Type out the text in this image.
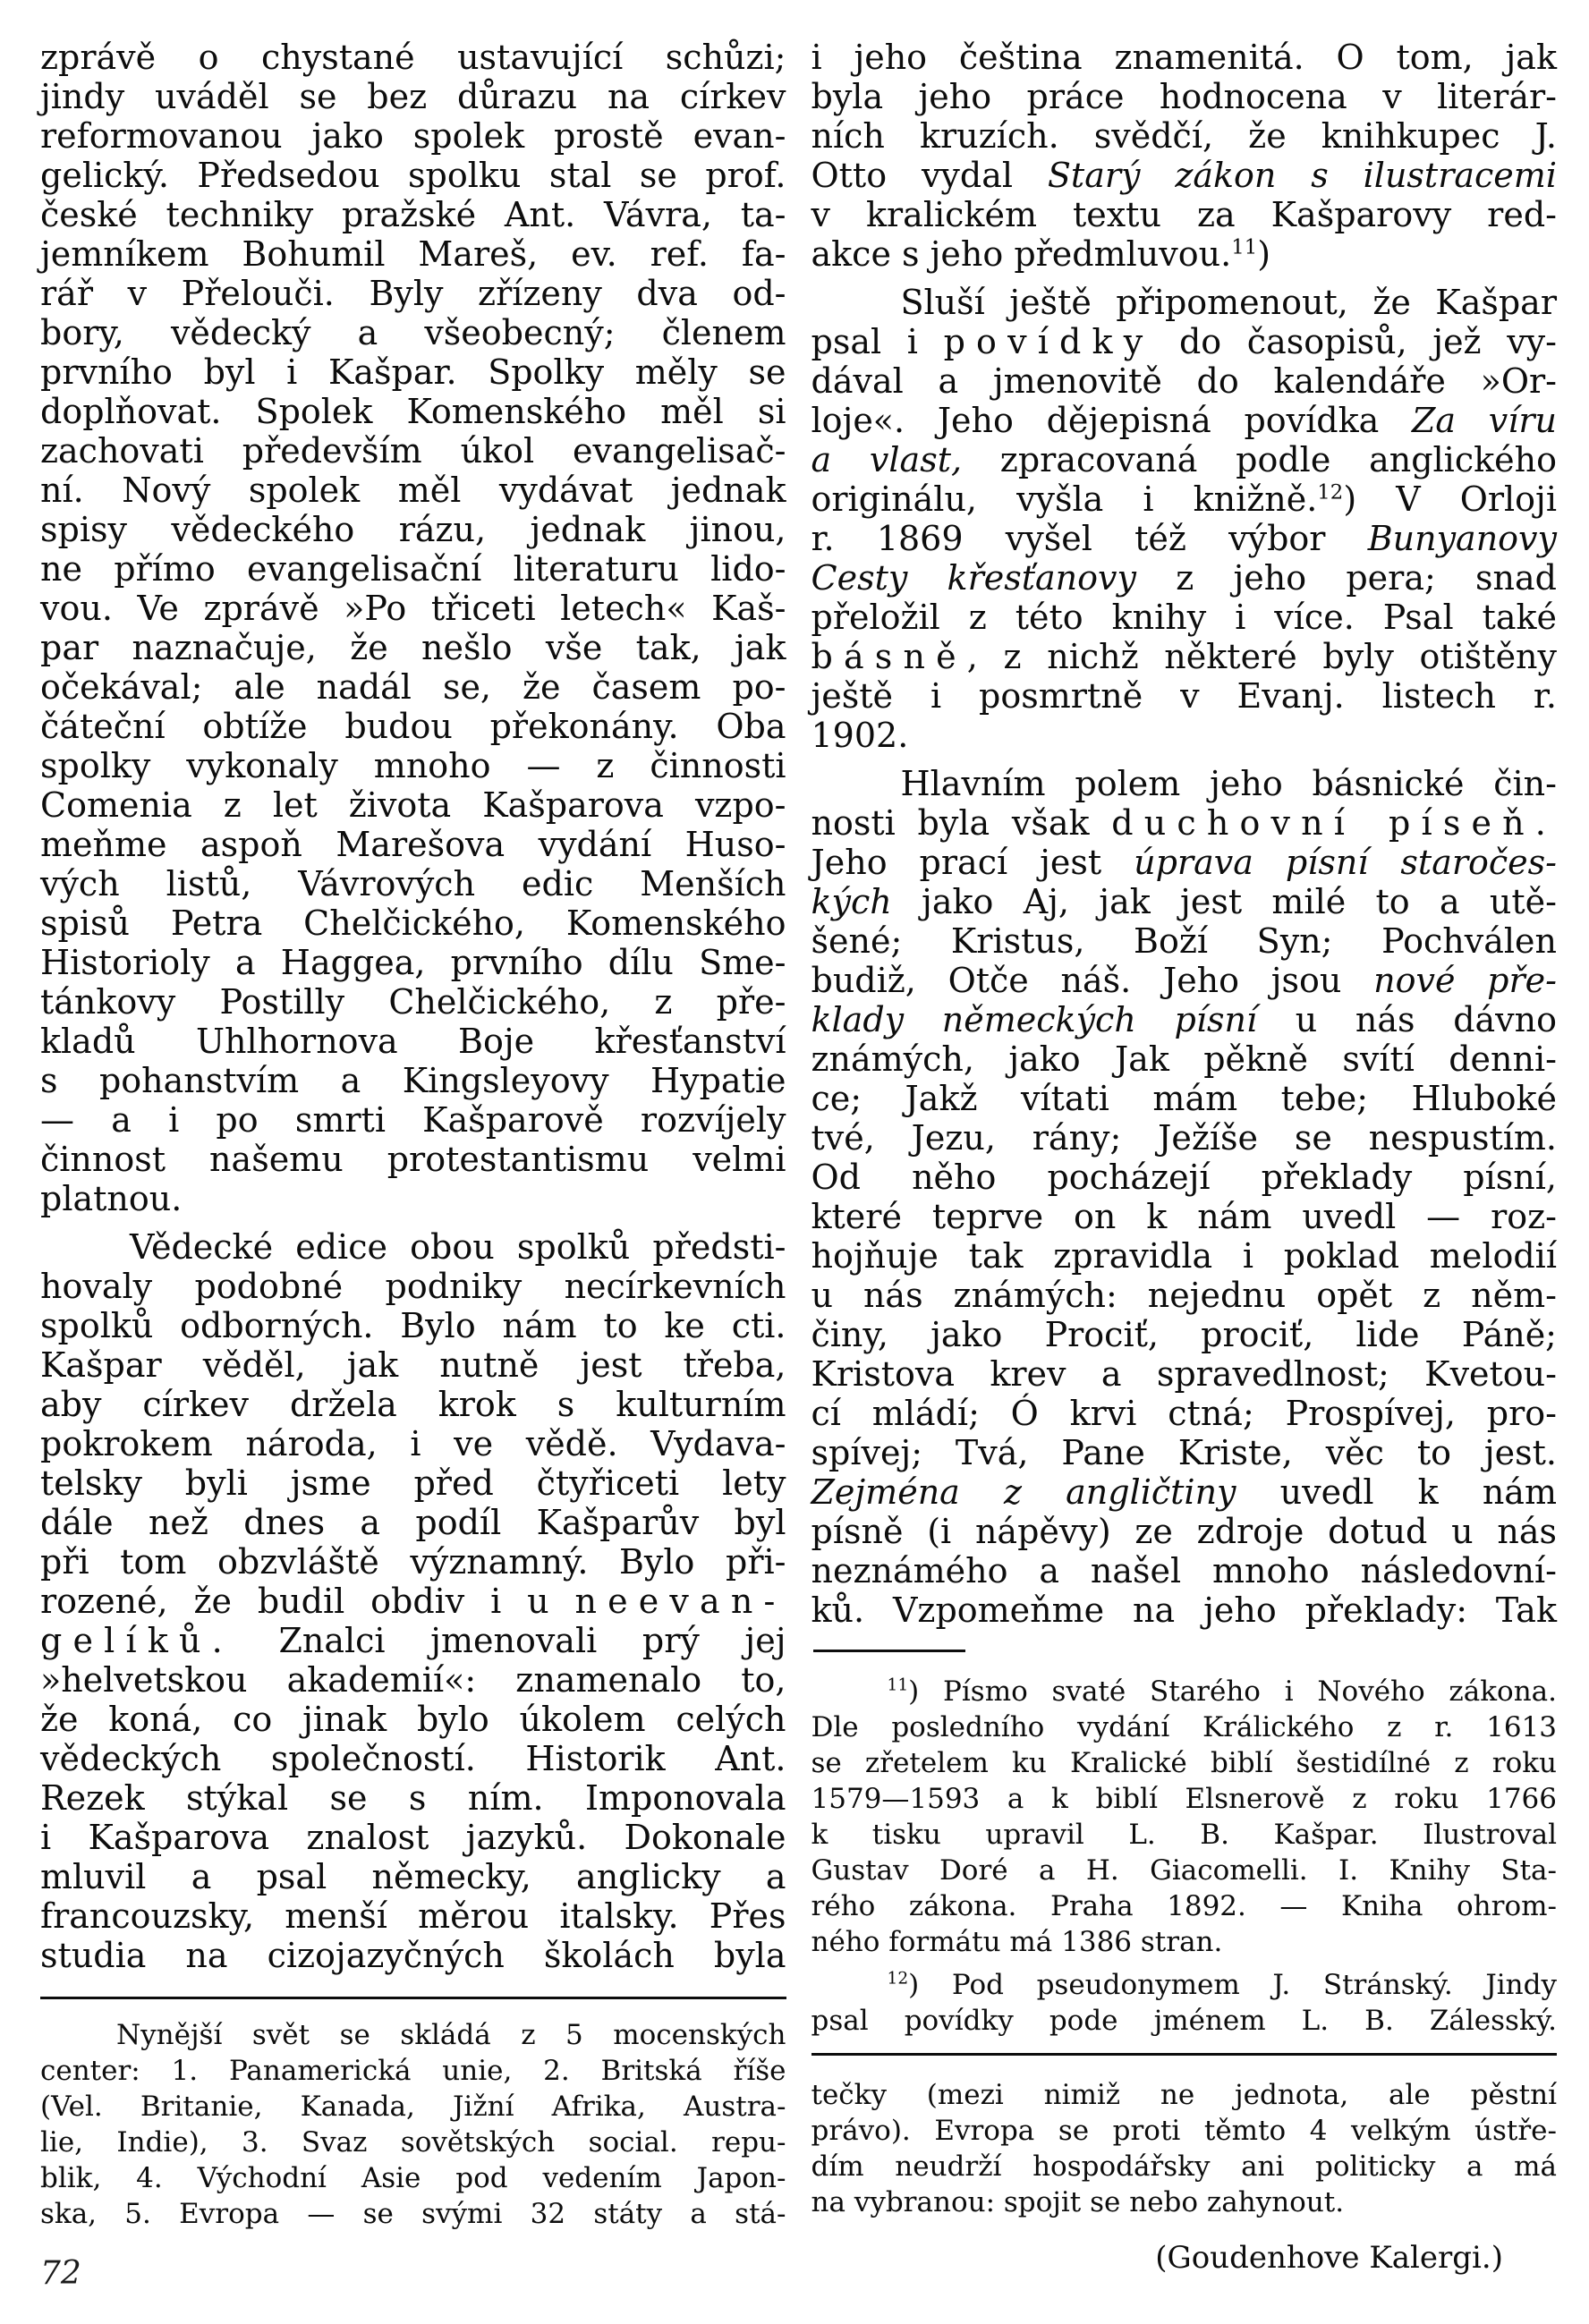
zprávě o chystané ustavující schůzi;
jindy uváděl se bez důrazu na církev
reformovanou jako spolek prostě evan-
gelický. Předsedou spolku stal se prof.
české techniky pražské Ant. Vávra, ta-
jemníkem Bohumil Mareš, ev. ref. fa-
rář v Přelouči. Byly zřízeny dva od-
bory, vědecký a všeobecný; členem
prvního byl i Kašpar. Spolky měly se
doplňovat. Spolek Komenského měl si
zachovati především úkol evangelisač-
ní. Nový spolek měl vydávat jednak
spisy vědeckého rázu, jednak jinou,
ne přímo evangelisační literaturu lido-
vou. Ve zprávě »Po třiceti letech« Kaš-
par naznačuje, že nešlo vše tak, jak
očekával; ale nadál se, že časem po-
čáteční obtíže budou překonány. Oba
spolky vykonaly mnoho — z činnosti
Comenia z let života Kašparova vzpo-
meňme aspoň Marešova vydání Huso-
vých listů, Vávrových edic Menších
spisů Petra Chelčického, Komenského
Historioly a Haggea, prvního dílu Sme-
tánkovy Postilly Chelčického, z pře-
kladů Uhlhornova Boje křesťanství
s pohanstvím a Kingsleyovy Hypatie
— a i po smrti Kašparově rozvíjely
činnost našemu protestantismu velmi
platnou.
Vědecké edice obou spolků předsti-
hovaly podobné podniky necírkevních
spolků odborných. Bylo nám to ke cti.
Kašpar věděl, jak nutně jest třeba,
aby církev držela krok s kulturním
pokrokem národa, i ve vědě. Vydava-
telsky byli jsme před čtyřiceti lety
dále než dnes a podíl Kašparův byl
při tom obzvláště významný. Bylo při-
rozené, že budil obdiv i u neevan-
gelíků. Znalci jmenovali prý jej
»helvetskou akademií«: znamenalo to,
že koná, co jinak bylo úkolem celých
vědeckých společností. Historik Ant.
Rezek stýkal se s ním. Imponovala
i Kašparova znalost jazyků. Dokonale
mluvil a psal německy, anglicky a
francouzsky, menší měrou italsky. Přes
studia na cizojazyčných školách byla
Nynější svět se skládá z 5 mocenských
center: 1. Panamerická unie, 2. Britská říše
(Vel. Britanie, Kanada, Jižní Afrika, Austra-
lie, Indie), 3. Svaz sovětských social. repu-
blik, 4. Východní Asie pod vedením Japon-
ska, 5. Evropa — se svými 32 státy a stá-
72
i jeho čeština znamenitá. O tom, jak
byla jeho práce hodnocena v literár-
ních kruzích. svědčí, že knihkupec J.
Otto vydal Starý zákon s ilustracemi
v kralickém textu za Kašparovy red-
akce s jeho předmluvou.$^{11}$)
Sluší ještě připomenout, že Kašpar
psal i povídky do časopisů, jež vy-
dával a jmenovitě do kalendáře »Or-
loje«. Jeho dějepisná povídka Za víru
a vlast, zpracovaná podle anglického
originálu, vyšla i knižně.$^{12}$) V Orloji
r. 1869 vyšel též výbor Bunyanovy
Cesty křesťanovy z jeho pera; snad
přeložil z této knihy i více. Psal také
básně, z nichž některé byly otištěny
ještě i posmrtně v Evanj. listech r.
1902.
Hlavním polem jeho básnické čin-
nosti byla však duchovní píseň.
Jeho prací jest úprava písní staročes-
kých jako Aj, jak jest milé to a utě-
šené; Kristus, Boží Syn; Pochválen
budiž, Otče náš. Jeho jsou nové pře-
klady německých písní u nás dávno
známých, jako Jak pěkně svítí denni-
ce; Jakž vítati mám tebe; Hluboké
tvé, Jezu, rány; Ježíše se nespustím.
Od něho pocházejí překlady písní,
které teprve on k nám uvedl — roz-
hojňuje tak zpravidla i poklad melodií
u nás známých: nejednu opět z něm-
činy, jako Prociť, prociť, lide Páně;
Kristova krev a spravedlnost; Kvetou-
cí mládí; Ó krvi ctná; Prospívej, pro-
spívej; Tvá, Pane Kriste, věc to jest.
Zejména z angličtiny uvedl k nám
písně (i nápěvy) ze zdroje dotud u nás
neznámého a našel mnoho následovní-
ků. Vzpomeňme na jeho překlady: Tak
$^{11}$) Písmo svaté Starého i Nového zákona.
Dle posledního vydání Králického z r. 1613
se zřetelem ku Kralické biblí šestidílné z roku
1579—1593 a k biblí Elsnerově z roku 1766
k tisku upravil L. B. Kašpar. Ilustroval
Gustav Doré a H. Giacomelli. I. Knihy Sta-
rého zákona. Praha 1892. — Kniha ohrom-
ného formátu má 1386 stran.
$^{12}$) Pod pseudonymem J. Stránský. Jindy
psal povídky pode jménem L. B. Zálesský.
tečky (mezi nimiž ne jednota, ale pěstní
právo). Evropa se proti těmto 4 velkým ústře-
dím neudrží hospodářsky ani politicky a má
na vybranou: spojit se nebo zahynout.
(Goudenhove Kalergi.)
